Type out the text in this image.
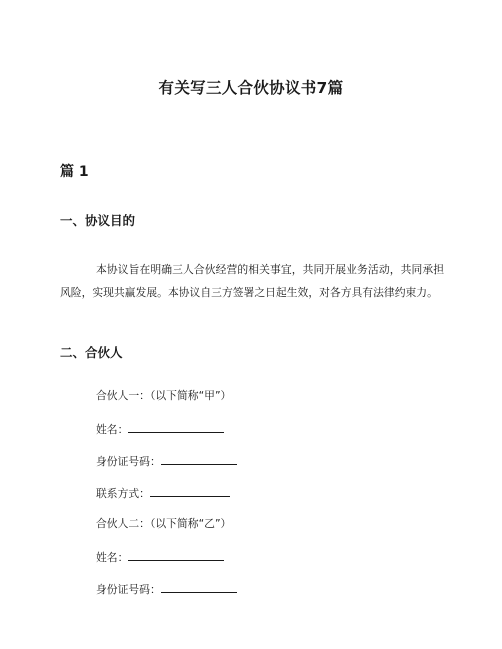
有关写三人合伙协议书7篇
篇 1
一、协议目的
本协议旨在明确三人合伙经营的相关事宜，共同开展业务活动，共同承担风险，实现共赢发展。本协议自三方签署之日起生效，对各方具有法律约束力。
二、合伙人
合伙人一：（以下简称“甲”）
姓名：
身份证号码：
联系方式：
合伙人二：（以下简称“乙”）
姓名：
身份证号码：
